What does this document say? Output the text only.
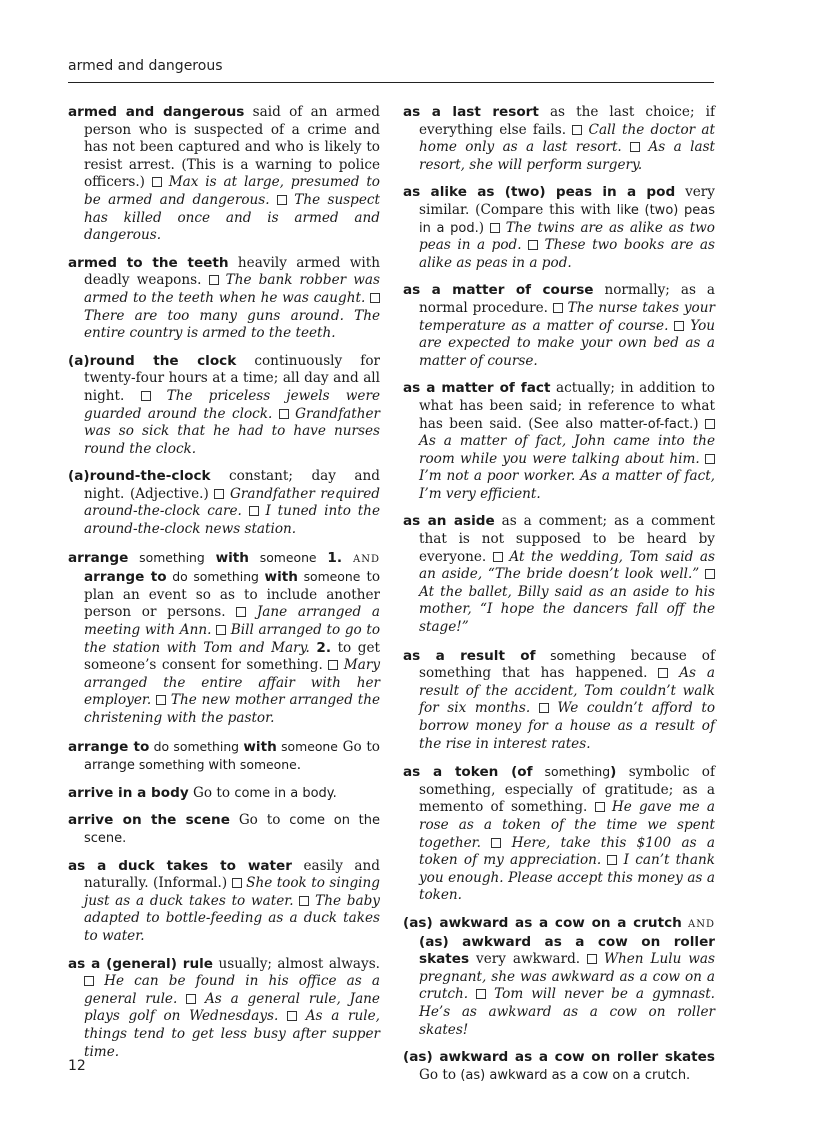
armed and dangerous

armed and dangerous said of an armed person who is suspected of a crime and has not been captured and who is likely to resist arrest. (This is a warning to police officers.)  Max is at large, presumed to be armed and dangerous. The suspect has killed once and is armed and dangerous.

armed to the teeth heavily armed with deadly weapons.  The bank robber was armed to the teeth when he was caught.  There are too many guns around. The entire country is armed to the teeth.

(a)round the clock continuously for twenty-four hours at a time; all day and all night.  The priceless jewels were guarded around the clock. Grandfather was so sick that he had to have nurses round the clock.

(a)round-the-clock constant; day and night. (Adjective.)  Grandfather required around-the-clock care. I tuned into the around-the-clock news station.

arrange something with someone 1. AND arrange to do something with someone to plan an event so as to include another person or persons.  Jane arranged a meeting with Ann. Bill arranged to go to the station with Tom and Mary. 2. to get someone’s consent for something.  Mary arranged the entire affair with her employer. The new mother arranged the christening with the pastor.

arrange to do something with someone Go to arrange something with someone.

arrive in a body Go to come in a body.

arrive on the scene Go to come on the scene.

as a duck takes to water easily and naturally. (Informal.)  She took to singing just as a duck takes to water. The baby adapted to bottle-feeding as a duck takes to water.

as a (general) rule usually; almost always.  He can be found in his office as a general rule. As a general rule, Jane plays golf on Wednesdays. As a rule, things tend to get less busy after supper time.

as a last resort as the last choice; if everything else fails.  Call the doctor at home only as a last resort. As a last resort, she will perform surgery.

as alike as (two) peas in a pod very similar. (Compare this with like (two) peas in a pod.)  The twins are as alike as two peas in a pod. These two books are as alike as peas in a pod.

as a matter of course normally; as a normal procedure.  The nurse takes your temperature as a matter of course. You are expected to make your own bed as a matter of course.

as a matter of fact actually; in addition to what has been said; in reference to what has been said. (See also matter-of-fact.)  As a matter of fact, John came into the room while you were talking about him.  I’m not a poor worker. As a matter of fact, I’m very efficient.

as an aside as a comment; as a comment that is not supposed to be heard by everyone.  At the wedding, Tom said as an aside, “The bride doesn’t look well.”  At the ballet, Billy said as an aside to his mother, “I hope the dancers fall off the stage!”

as a result of something because of something that has happened.  As a result of the accident, Tom couldn’t walk for six months. We couldn’t afford to borrow money for a house as a result of the rise in interest rates.

as a token (of something) symbolic of something, especially of gratitude; as a memento of something.  He gave me a rose as a token of the time we spent together. Here, take this $100 as a token of my appreciation. I can’t thank you enough. Please accept this money as a token.

(as) awkward as a cow on a crutch AND (as) awkward as a cow on roller skates very awkward.  When Lulu was pregnant, she was awkward as a cow on a crutch. Tom will never be a gymnast. He’s as awkward as a cow on roller skates!

(as) awkward as a cow on roller skates Go to (as) awkward as a cow on a crutch.

12
